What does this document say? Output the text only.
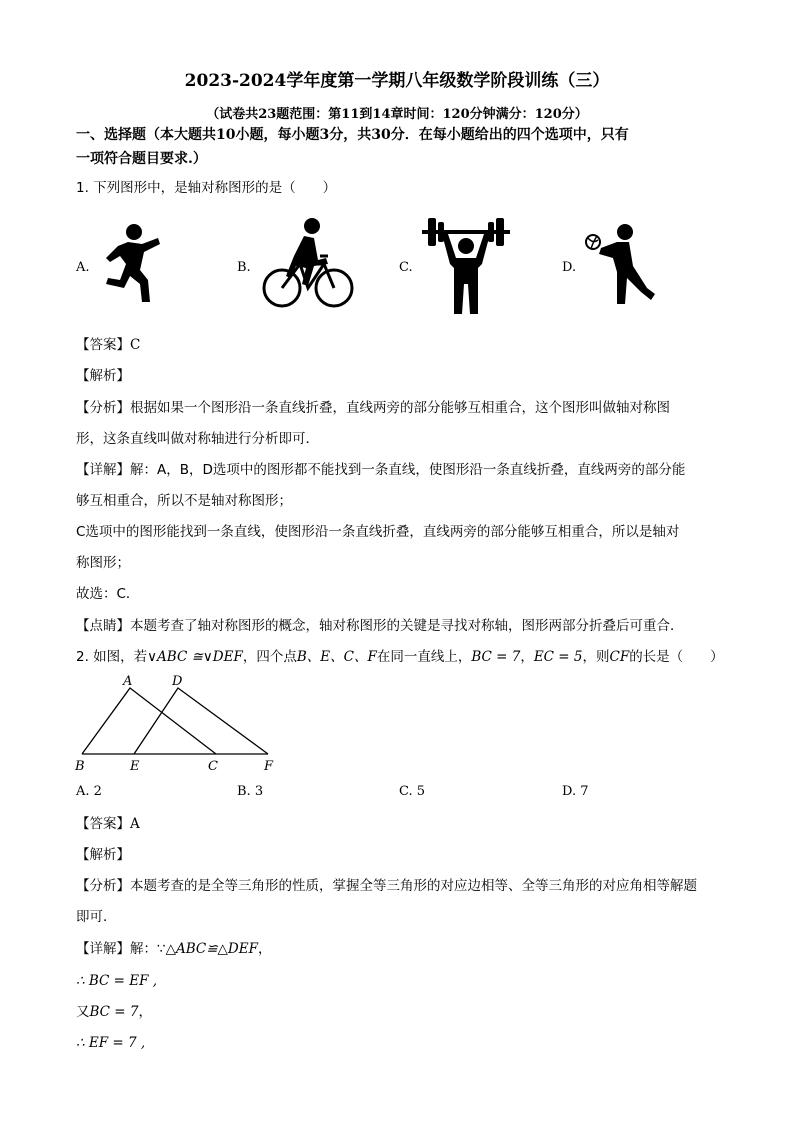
2023-2024学年度第一学期八年级数学阶段训练（三）
（试卷共23题范围：第11到14章时间：120分钟满分：120分）
一、选择题（本大题共10小题，每小题3分，共30分．在每小题给出的四个选项中，只有
一项符合题目要求.）
1. 下列图形中，是轴对称图形的是（　　）
A.	B.	C.	D.
【答案】C
【解析】
【分析】根据如果一个图形沿一条直线折叠，直线两旁的部分能够互相重合，这个图形叫做轴对称图
形，这条直线叫做对称轴进行分析即可．
【详解】解：A，B，D选项中的图形都不能找到一条直线，使图形沿一条直线折叠，直线两旁的部分能
够互相重合，所以不是轴对称图形；
C选项中的图形能找到一条直线，使图形沿一条直线折叠，直线两旁的部分能够互相重合，所以是轴对
称图形；
故选：C．
【点睛】本题考查了轴对称图形的概念，轴对称图形的关键是寻找对称轴，图形两部分折叠后可重合．
2. 如图，若∨ABC ≅∨DEF，四个点B、E、C、F在同一直线上，BC = 7，EC = 5，则CF的长是（　　）
A	D
B	E	C	F
A. 2	B. 3	C. 5	D. 7
【答案】A
【解析】
【分析】本题考查的是全等三角形的性质，掌握全等三角形的对应边相等、全等三角形的对应角相等解题
即可．
【详解】解：∵△ABC≌△DEF，
∴ BC = EF ,
又BC = 7，
∴ EF = 7 ,
